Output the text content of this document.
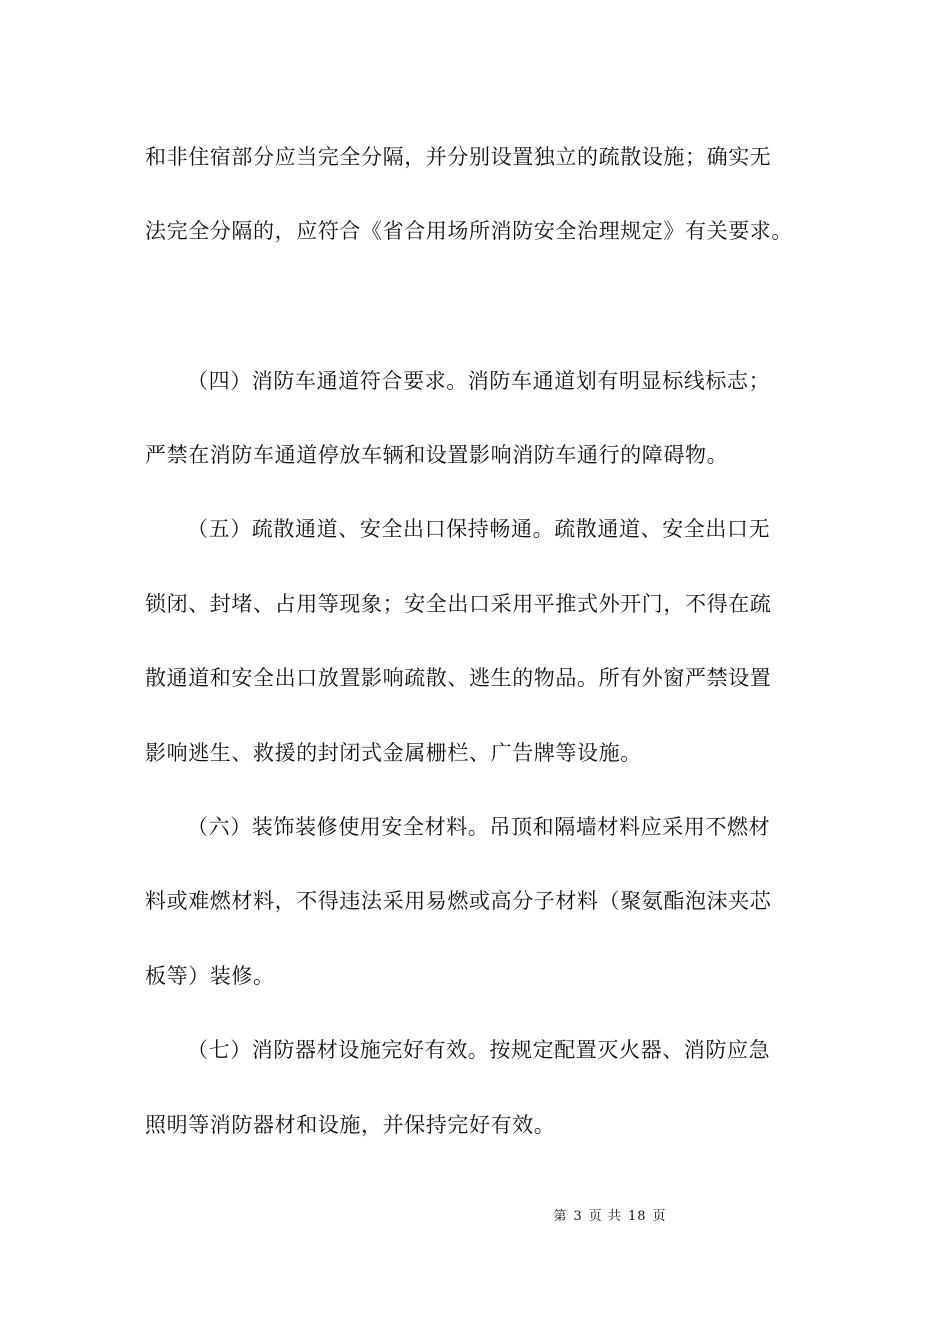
和非住宿部分应当完全分隔，并分别设置独立的疏散设施；确实无
法完全分隔的，应符合《省合用场所消防安全治理规定》有关要求。
（四）消防车通道符合要求。消防车通道划有明显标线标志；
严禁在消防车通道停放车辆和设置影响消防车通行的障碍物。
（五）疏散通道、安全出口保持畅通。疏散通道、安全出口无
锁闭、封堵、占用等现象；安全出口采用平推式外开门，不得在疏
散通道和安全出口放置影响疏散、逃生的物品。所有外窗严禁设置
影响逃生、救援的封闭式金属栅栏、广告牌等设施。
（六）装饰装修使用安全材料。吊顶和隔墙材料应采用不燃材
料或难燃材料，不得违法采用易燃或高分子材料（聚氨酯泡沫夹芯
板等）装修。
（七）消防器材设施完好有效。按规定配置灭火器、消防应急
照明等消防器材和设施，并保持完好有效。
第 3 页 共 18 页
